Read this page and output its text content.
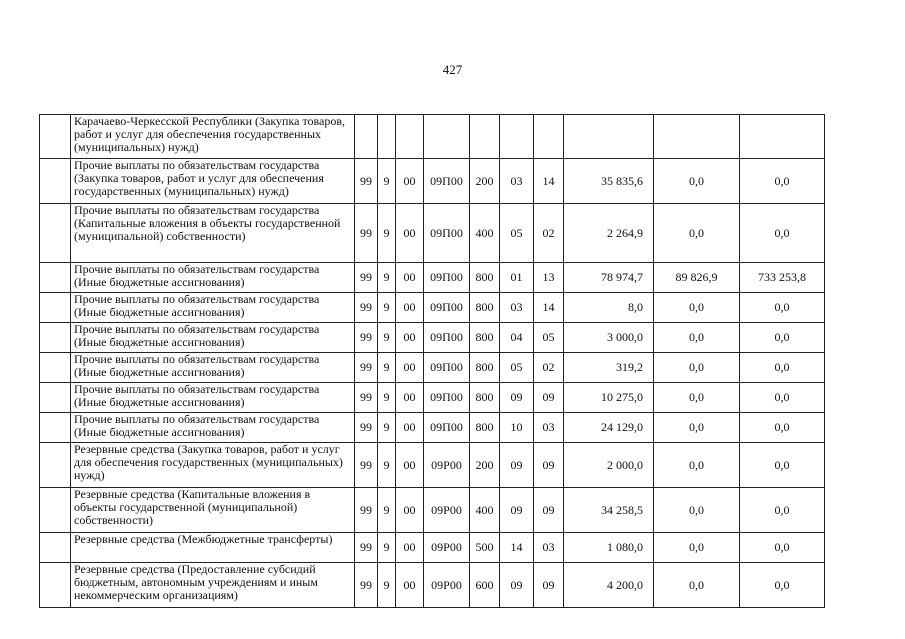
427
	Карачаево-Черкесской Республики (Закупка товаров, работ и услуг для обеспечения государственных (муниципальных) нужд)										
	Прочие выплаты по обязательствам государства (Закупка товаров, работ и услуг для обеспечения государственных (муниципальных) нужд)	99	9	00	09П00	200	03	14	35 835,6	0,0	0,0
	Прочие выплаты по обязательствам государства (Капитальные вложения в объекты государственной (муниципальной) собственности)	99	9	00	09П00	400	05	02	2 264,9	0,0	0,0
	Прочие выплаты по обязательствам государства (Иные бюджетные ассигнования)	99	9	00	09П00	800	01	13	78 974,7	89 826,9	733 253,8
	Прочие выплаты по обязательствам государства (Иные бюджетные ассигнования)	99	9	00	09П00	800	03	14	8,0	0,0	0,0
	Прочие выплаты по обязательствам государства (Иные бюджетные ассигнования)	99	9	00	09П00	800	04	05	3 000,0	0,0	0,0
	Прочие выплаты по обязательствам государства (Иные бюджетные ассигнования)	99	9	00	09П00	800	05	02	319,2	0,0	0,0
	Прочие выплаты по обязательствам государства (Иные бюджетные ассигнования)	99	9	00	09П00	800	09	09	10 275,0	0,0	0,0
	Прочие выплаты по обязательствам государства (Иные бюджетные ассигнования)	99	9	00	09П00	800	10	03	24 129,0	0,0	0,0
	Резервные средства (Закупка товаров, работ и услуг для обеспечения государственных (муниципальных) нужд)	99	9	00	09Р00	200	09	09	2 000,0	0,0	0,0
	Резервные средства (Капитальные вложения в объекты государственной (муниципальной) собственности)	99	9	00	09Р00	400	09	09	34 258,5	0,0	0,0
	Резервные средства (Межбюджетные трансферты)	99	9	00	09Р00	500	14	03	1 080,0	0,0	0,0
	Резервные средства (Предоставление субсидий бюджетным, автономным учреждениям и иным некоммерческим организациям)	99	9	00	09Р00	600	09	09	4 200,0	0,0	0,0
